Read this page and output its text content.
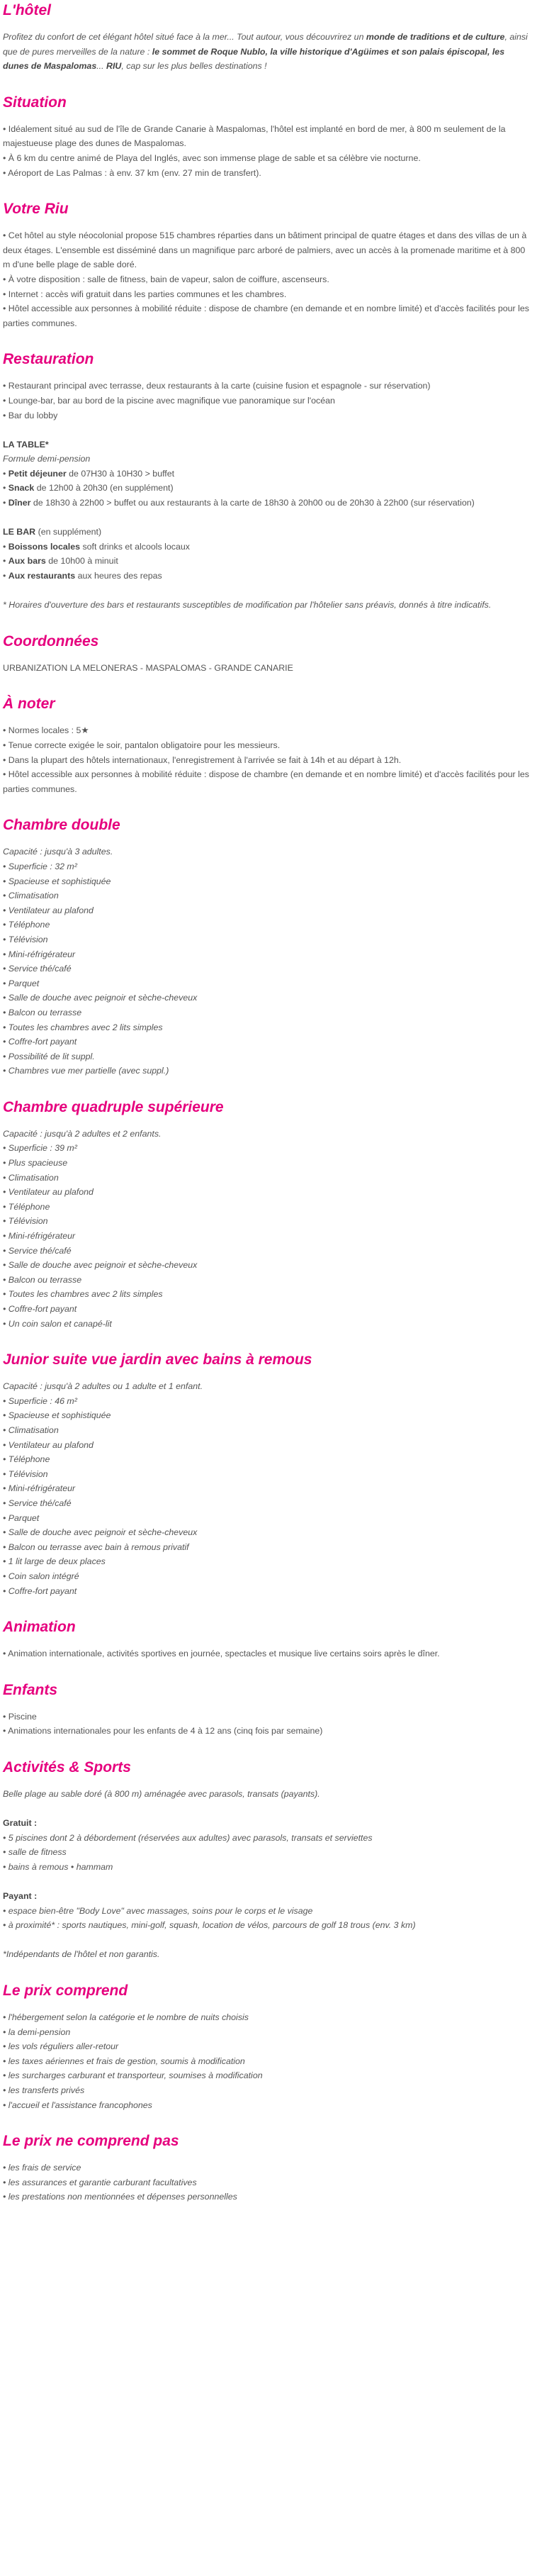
L'hôtel

Profitez du confort de cet élégant hôtel situé face à la mer... Tout autour, vous découvrirez un monde de traditions et de culture, ainsi que de pures merveilles de la nature : le sommet de Roque Nublo, la ville historique d'Agüimes et son palais épiscopal, les dunes de Maspalomas... RIU, cap sur les plus belles destinations !

Situation
• Idéalement situé au sud de l'île de Grande Canarie à Maspalomas, l'hôtel est implanté en bord de mer, à 800 m seulement de la majestueuse plage des dunes de Maspalomas.
• À 6 km du centre animé de Playa del Inglés, avec son immense plage de sable et sa célèbre vie nocturne.
• Aéroport de Las Palmas : à env. 37 km (env. 27 min de transfert).
Votre Riu
• Cet hôtel au style néocolonial propose 515 chambres réparties dans un bâtiment principal de quatre étages et dans des villas de un à deux étages. L'ensemble est disséminé dans un magnifique parc arboré de palmiers, avec un accès à la promenade maritime et à 800 m d'une belle plage de sable doré.
• À votre disposition : salle de fitness, bain de vapeur, salon de coiffure, ascenseurs.
• Internet : accès wifi gratuit dans les parties communes et les chambres.
• Hôtel accessible aux personnes à mobilité réduite : dispose de chambre (en demande et en nombre limité) et d'accès facilités pour les parties communes.
Restauration
• Restaurant principal avec terrasse, deux restaurants à la carte (cuisine fusion et espagnole - sur réservation)
• Lounge-bar, bar au bord de la piscine avec magnifique vue panoramique sur l'océan
• Bar du lobby
LA TABLE*
Formule demi-pension
• Petit déjeuner de 07H30 à 10H30 > buffet
• Snack de 12h00 à 20h30 (en supplément)
• Dîner de 18h30 à 22h00 > buffet ou aux restaurants à la carte de 18h30 à 20h00 ou de 20h30 à 22h00 (sur réservation)
LE BAR (en supplément)
• Boissons locales soft drinks et alcools locaux
• Aux bars de 10h00 à minuit
• Aux restaurants aux heures des repas

* Horaires d'ouverture des bars et restaurants susceptibles de modification par l'hôtelier sans préavis, donnés à titre indicatifs.

Coordonnées

URBANIZATION LA MELONERAS - MASPALOMAS - GRANDE CANARIE

À noter
• Normes locales : 5★
• Tenue correcte exigée le soir, pantalon obligatoire pour les messieurs.
• Dans la plupart des hôtels internationaux, l'enregistrement à l'arrivée se fait à 14h et au départ à 12h.
• Hôtel accessible aux personnes à mobilité réduite : dispose de chambre (en demande et en nombre limité) et d'accès facilités pour les parties communes.
Chambre double
Capacité : jusqu'à 3 adultes.
• Superficie : 32 m²
• Spacieuse et sophistiquée
• Climatisation
• Ventilateur au plafond
• Téléphone
• Télévision
• Mini-réfrigérateur
• Service thé/café
• Parquet
• Salle de douche avec peignoir et sèche-cheveux
• Balcon ou terrasse
• Toutes les chambres avec 2 lits simples
• Coffre-fort payant
• Possibilité de lit suppl.
• Chambres vue mer partielle (avec suppl.)
Chambre quadruple supérieure
Capacité : jusqu'à 2 adultes et 2 enfants.
• Superficie : 39 m²
• Plus spacieuse
• Climatisation
• Ventilateur au plafond
• Téléphone
• Télévision
• Mini-réfrigérateur
• Service thé/café
• Salle de douche avec peignoir et sèche-cheveux
• Balcon ou terrasse
• Toutes les chambres avec 2 lits simples
• Coffre-fort payant
• Un coin salon et canapé-lit
Junior suite vue jardin avec bains à remous
Capacité : jusqu'à 2 adultes ou 1 adulte et 1 enfant.
• Superficie : 46 m²
• Spacieuse et sophistiquée
• Climatisation
• Ventilateur au plafond
• Téléphone
• Télévision
• Mini-réfrigérateur
• Service thé/café
• Parquet
• Salle de douche avec peignoir et sèche-cheveux
• Balcon ou terrasse avec bain à remous privatif
• 1 lit large de deux places
• Coin salon intégré
• Coffre-fort payant
Animation
• Animation internationale, activités sportives en journée, spectacles et musique live certains soirs après le dîner.
Enfants
• Piscine
• Animations internationales pour les enfants de 4 à 12 ans (cinq fois par semaine)
Activités & Sports

Belle plage au sable doré (à 800 m) aménagée avec parasols, transats (payants).

Gratuit :
• 5 piscines dont 2 à débordement (réservées aux adultes) avec parasols, transats et serviettes
• salle de fitness
• bains à remous • hammam
Payant :
• espace bien-être "Body Love" avec massages, soins pour le corps et le visage
• à proximité* : sports nautiques, mini-golf, squash, location de vélos, parcours de golf 18 trous (env. 3 km)

*Indépendants de l'hôtel et non garantis.

Le prix comprend
• l'hébergement selon la catégorie et le nombre de nuits choisis
• la demi-pension
• les vols réguliers aller-retour
• les taxes aériennes et frais de gestion, soumis à modification
• les surcharges carburant et transporteur, soumises à modification
• les transferts privés
• l'accueil et l'assistance francophones
Le prix ne comprend pas
• les frais de service
• les assurances et garantie carburant facultatives
• les prestations non mentionnées et dépenses personnelles
